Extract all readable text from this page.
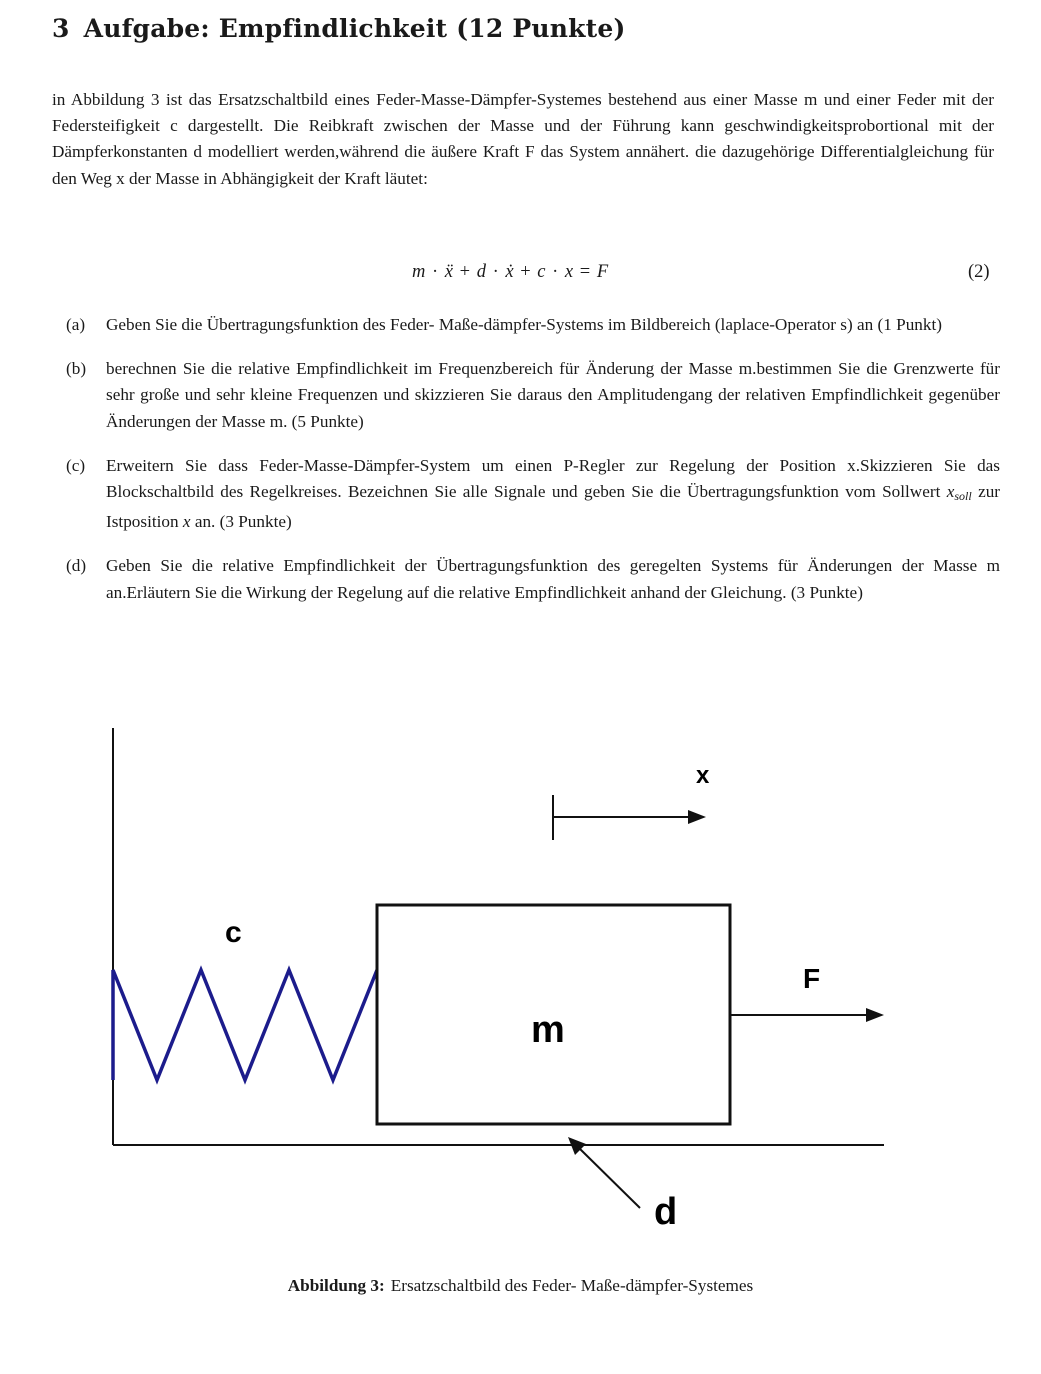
3 Aufgabe: Empfindlichkeit (12 Punkte)

in Abbildung 3 ist das Ersatzschaltbild eines Feder-Masse-Dämpfer-Systemes bestehend aus einer Masse m und einer Feder mit der Federsteifigkeit c dargestellt. Die Reibkraft zwischen der Masse und der Führung kann geschwindigkeitsprobortional mit der Dämpferkonstanten d modelliert werden,während die äußere Kraft F das System annähert. die dazugehörige Differentialgleichung für den Weg x der Masse in Abhängigkeit der Kraft läutet:

m · ẍ + d · ẋ + c · x = F	(2)
(a) Geben Sie die Übertragungsfunktion des Feder- Maße-dämpfer-Systems im Bildbereich (laplace-Operator s) an (1 Punkt)
(b) berechnen Sie die relative Empfindlichkeit im Frequenzbereich für Änderung der Masse m.bestimmen Sie die Grenzwerte für sehr große und sehr kleine Frequenzen und skizzieren Sie daraus den Amplitudengang der relativen Empfindlichkeit gegenüber Änderungen der Masse m. (5 Punkte)
(c) Erweitern Sie dass Feder-Masse-Dämpfer-System um einen P-Regler zur Regelung der Position x.Skizzieren Sie das Blockschaltbild des Regelkreises. Bezeichnen Sie alle Signale und geben Sie die Übertragungsfunktion vom Sollwert $x_{soll}$ zur Istposition x an. (3 Punkte)
(d) Geben Sie die relative Empfindlichkeit der Übertragungsfunktion des geregelten Systems für Änderungen der Masse m an.Erläutern Sie die Wirkung der Regelung auf die relative Empfindlichkeit anhand der Gleichung. (3 Punkte)
x
c
m
F
d
Abbildung 3: Ersatzschaltbild des Feder- Maße-dämpfer-Systemes
